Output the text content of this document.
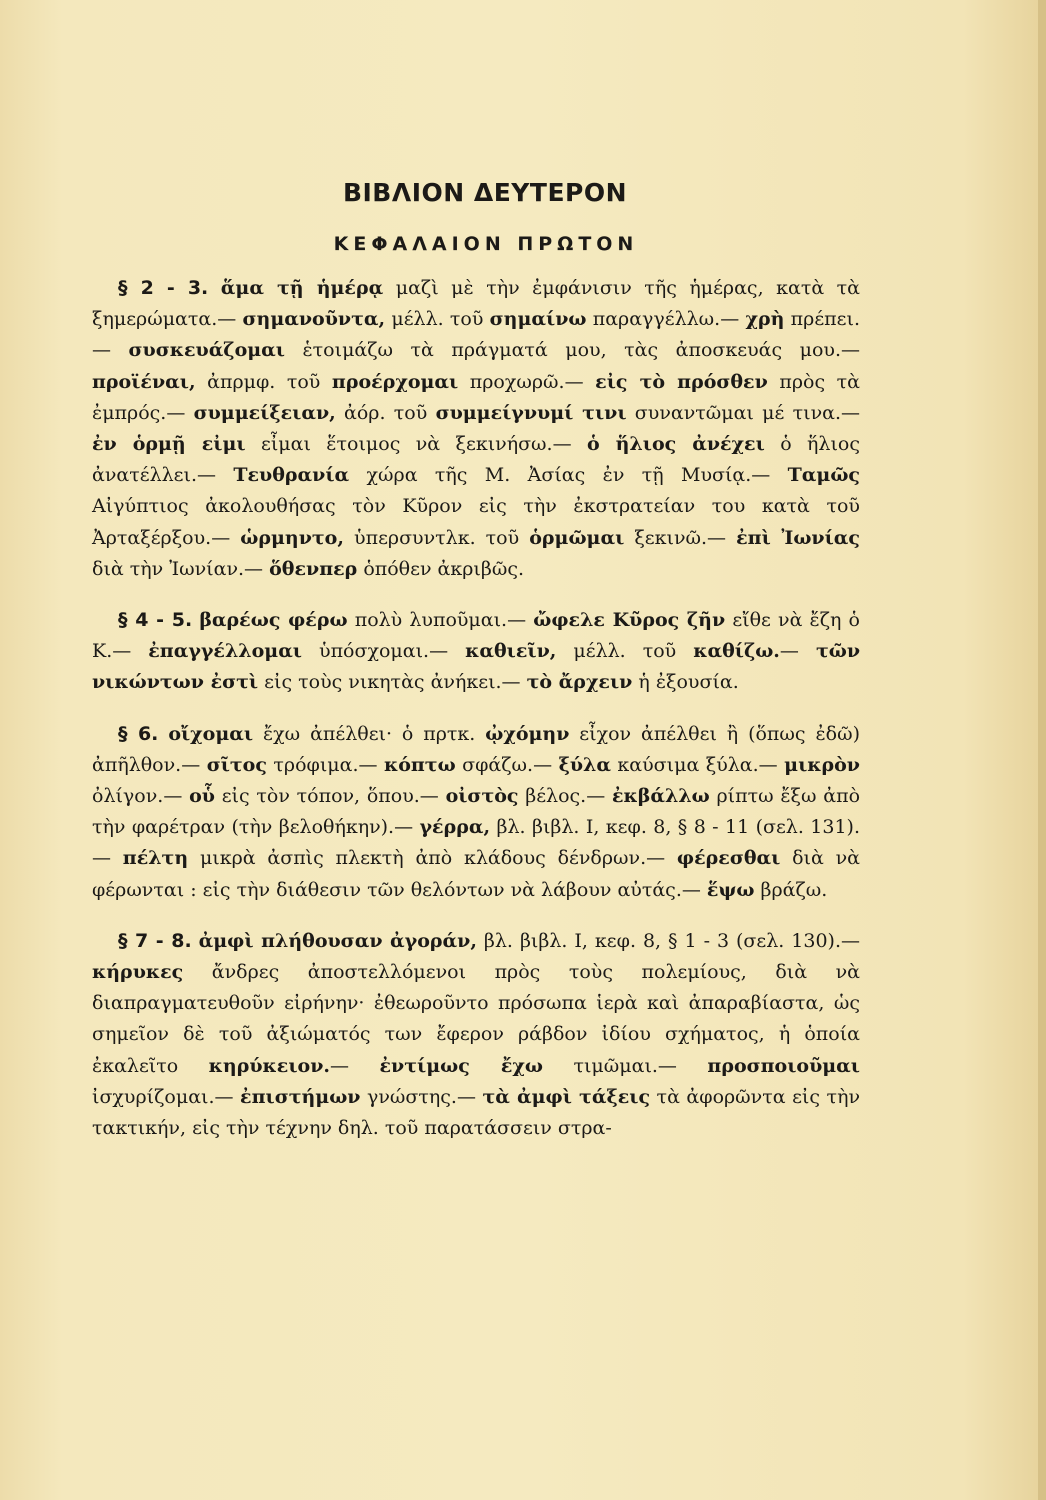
ΒΙΒΛΙΟΝ ΔΕΥΤΕΡΟΝ
ΚΕΦΑΛΑΙΟΝ ΠΡΩΤΟΝ

§ 2 - 3. ἅμα τῇ ἡμέρᾳ μαζὶ μὲ τὴν ἐμφάνισιν τῆς ἡμέρας, κατὰ τὰ ξημερώματα.— σημανοῦντα, μέλλ. τοῦ σημαίνω παραγγέλλω.— χρὴ πρέπει.— συσκευάζομαι ἑτοιμάζω τὰ πράγματά μου, τὰς ἀποσκευάς μου.— προϊέναι, ἀπρμφ. τοῦ προέρχομαι προχωρῶ.— εἰς τὸ πρόσθεν πρὸς τὰ ἐμπρός.— συμμείξειαν, ἀόρ. τοῦ συμμείγνυμί τινι συναντῶμαι μέ τινα.— ἐν ὁρμῇ εἰμι εἶμαι ἕτοιμος νὰ ξεκινήσω.— ὁ ἥλιος ἀνέχει ὁ ἥλιος ἀνατέλλει.— Τευθρανία χώρα τῆς Μ. Ἀσίας ἐν τῇ Μυσίᾳ.— Ταμῶς Αἰγύπτιος ἀκολουθήσας τὸν Κῦρον εἰς τὴν ἐκστρατείαν του κατὰ τοῦ Ἀρταξέρξου.— ὡρμηντο, ὑπερσυντλκ. τοῦ ὁρμῶμαι ξεκινῶ.— ἐπὶ Ἰωνίας διὰ τὴν Ἰωνίαν.— ὅθενπερ ὁπόθεν ἀκριβῶς.

§ 4 - 5. βαρέως φέρω πολὺ λυποῦμαι.— ὤφελε Κῦρος ζῆν εἴθε νὰ ἔζη ὁ Κ.— ἐπαγγέλλομαι ὑπόσχομαι.— καθιεῖν, μέλλ. τοῦ καθίζω.— τῶν νικώντων ἐστὶ εἰς τοὺς νικητὰς ἀνήκει.— τὸ ἄρχειν ἡ ἐξουσία.

§ 6. οἴχομαι ἔχω ἀπέλθει· ὁ πρτκ. ᾠχόμην εἶχον ἀπέλθει ἢ (ὅπως ἐδῶ) ἀπῆλθον.— σῖτος τρόφιμα.— κόπτω σφάζω.— ξύλα καύσιμα ξύλα.— μικρὸν ὀλίγον.— οὗ εἰς τὸν τόπον, ὅπου.— οἰστὸς βέλος.— ἐκβάλλω ρίπτω ἔξω ἀπὸ τὴν φαρέτραν (τὴν βελοθήκην).— γέρρα, βλ. βιβλ. Ι, κεφ. 8, § 8 - 11 (σελ. 131).— πέλτη μικρὰ ἀσπὶς πλεκτὴ ἀπὸ κλάδους δένδρων.— φέρεσθαι διὰ νὰ φέρωνται : εἰς τὴν διάθεσιν τῶν θελόντων νὰ λάβουν αὐτάς.— ἕψω βράζω.

§ 7 - 8. ἀμφὶ πλήθουσαν ἀγοράν, βλ. βιβλ. Ι, κεφ. 8, § 1 - 3 (σελ. 130).— κήρυκες ἄνδρες ἀποστελλόμενοι πρὸς τοὺς πολεμίους, διὰ νὰ διαπραγματευθοῦν εἰρήνην· ἐθεωροῦντο πρόσωπα ἱερὰ καὶ ἀπαραβίαστα, ὡς σημεῖον δὲ τοῦ ἀξιώματός των ἔφερον ράβδον ἰδίου σχήματος, ἡ ὁποία ἐκαλεῖτο κηρύκειον.— ἐντίμως ἔχω τιμῶμαι.— προσποιοῦμαι ἰσχυρίζομαι.— ἐπιστήμων γνώστης.— τὰ ἀμφὶ τάξεις τὰ ἀφορῶντα εἰς τὴν τακτικήν, εἰς τὴν τέχνην δηλ. τοῦ παρατάσσειν στρα-
